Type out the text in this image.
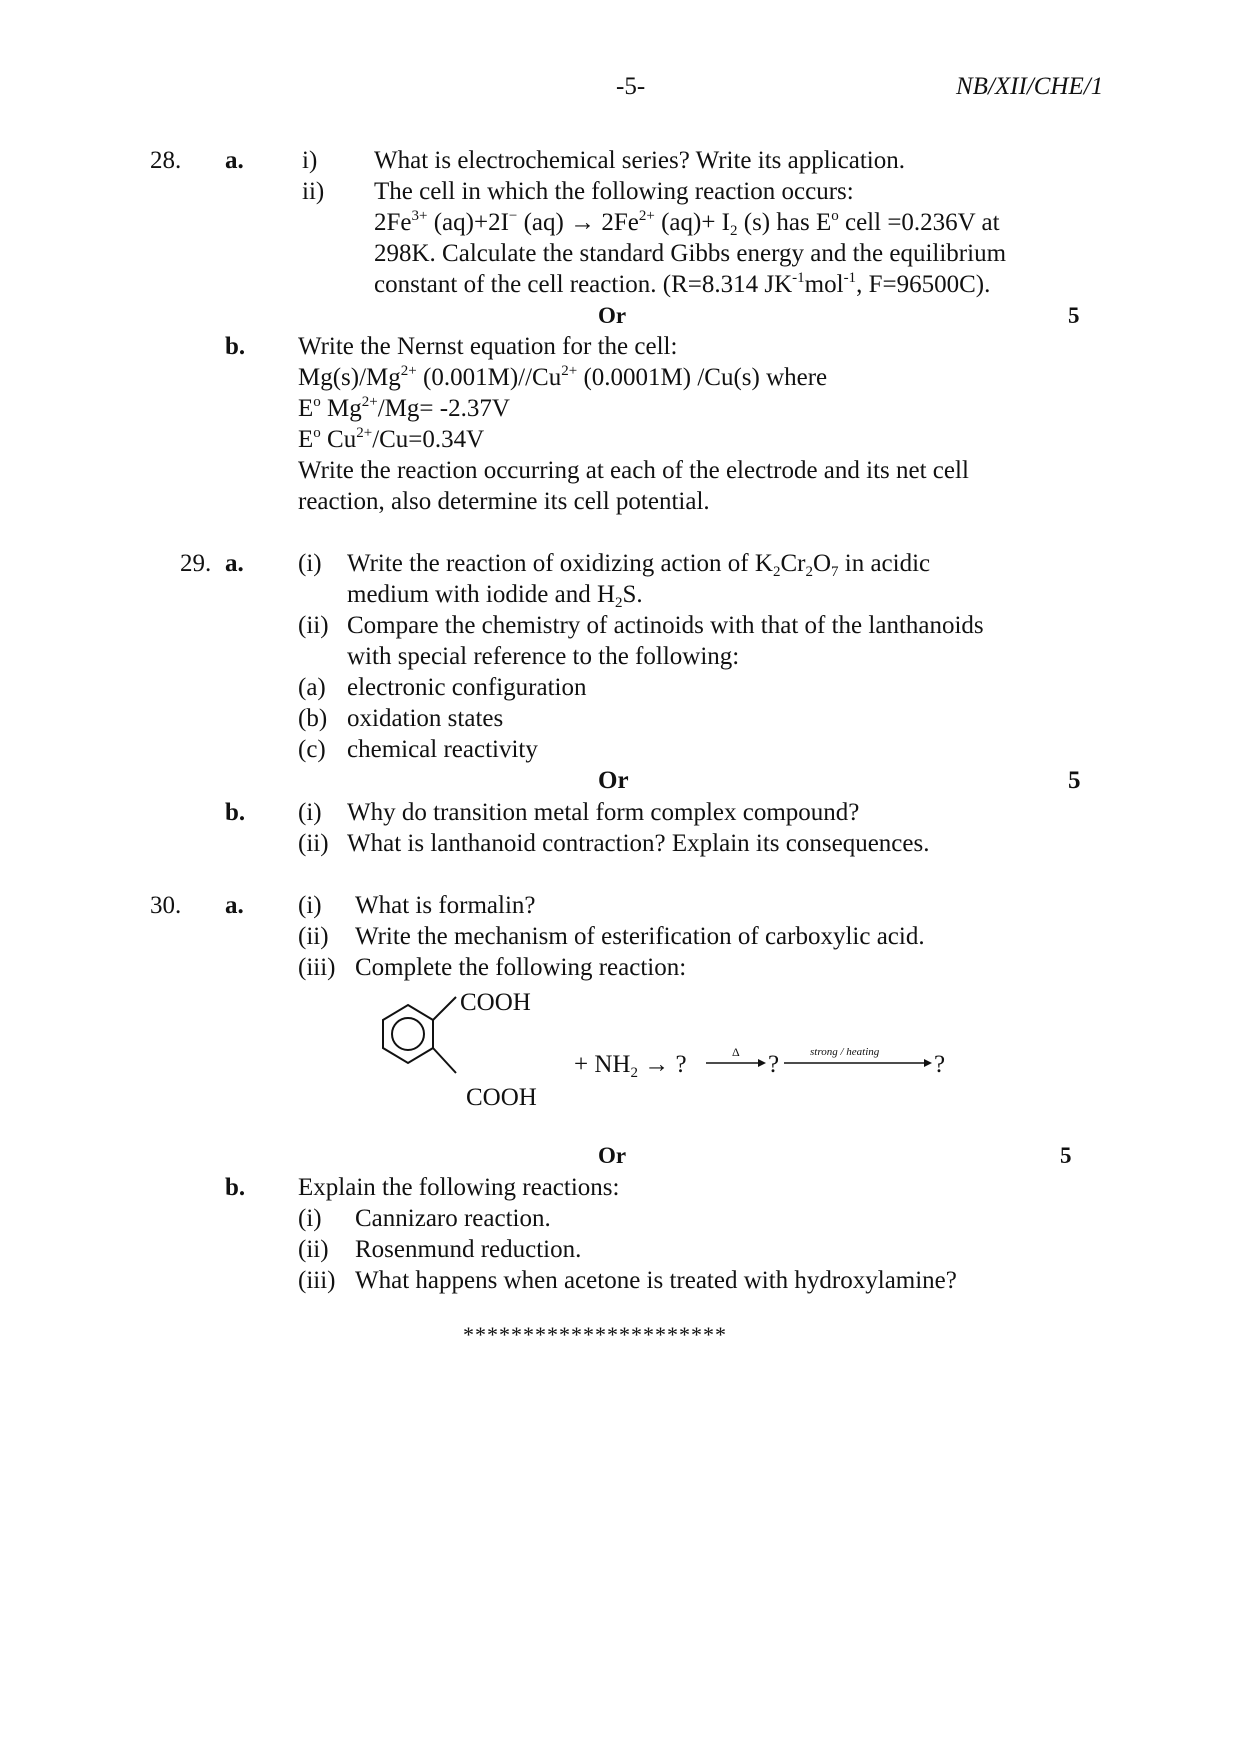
-5-	NB/XII/CHE/1
28. a. i) What is electrochemical series? Write its application.
ii) The cell in which the following reaction occurs:
$2Fe^{3+}$ (aq)+2I− $(aq) \to 2Fe^{2+}$ $(aq)+ I_2$ (s) has $E^o$ cell =0.236V at
298K. Calculate the standard Gibbs energy and the equilibrium
constant of the cell reaction. (R=8.314 $JK^{-1}mol^{-1}$, F=96500C).
Or	5
b. Write the Nernst equation for the cell:
$Mg(s)/Mg^{2+}$ $(0.001M)//Cu^{2+}$ (0.0001M) /Cu(s) where
$E^o$ $Mg^{2+}/Mg= -2.37V$
$E^o$ $Cu^{2+}/Cu=0.34V$
Write the reaction occurring at each of the electrode and its net cell
reaction, also determine its cell potential.
29. a. (i) Write the reaction of oxidizing action of $K_2Cr_2O_7$ in acidic
medium with iodide and $H_2S$.
(ii) Compare the chemistry of actinoids with that of the lanthanoids
with special reference to the following:
(a) electronic configuration
(b) oxidation states
(c) chemical reactivity
Or	5
b. (i) Why do transition metal form complex compound?
(ii) What is lanthanoid contraction? Explain its consequences.
30. a. (i) What is formalin?
(ii) Write the mechanism of esterification of carboxylic acid.
(iii) Complete the following reaction:
COOH
COOH
+ $NH_2$ → ?	Δ ?	strong / heating ?
Or	5
b. Explain the following reactions:
(i) Cannizaro reaction.
(ii) Rosenmund reduction.
(iii) What happens when acetone is treated with hydroxylamine?
**********************
